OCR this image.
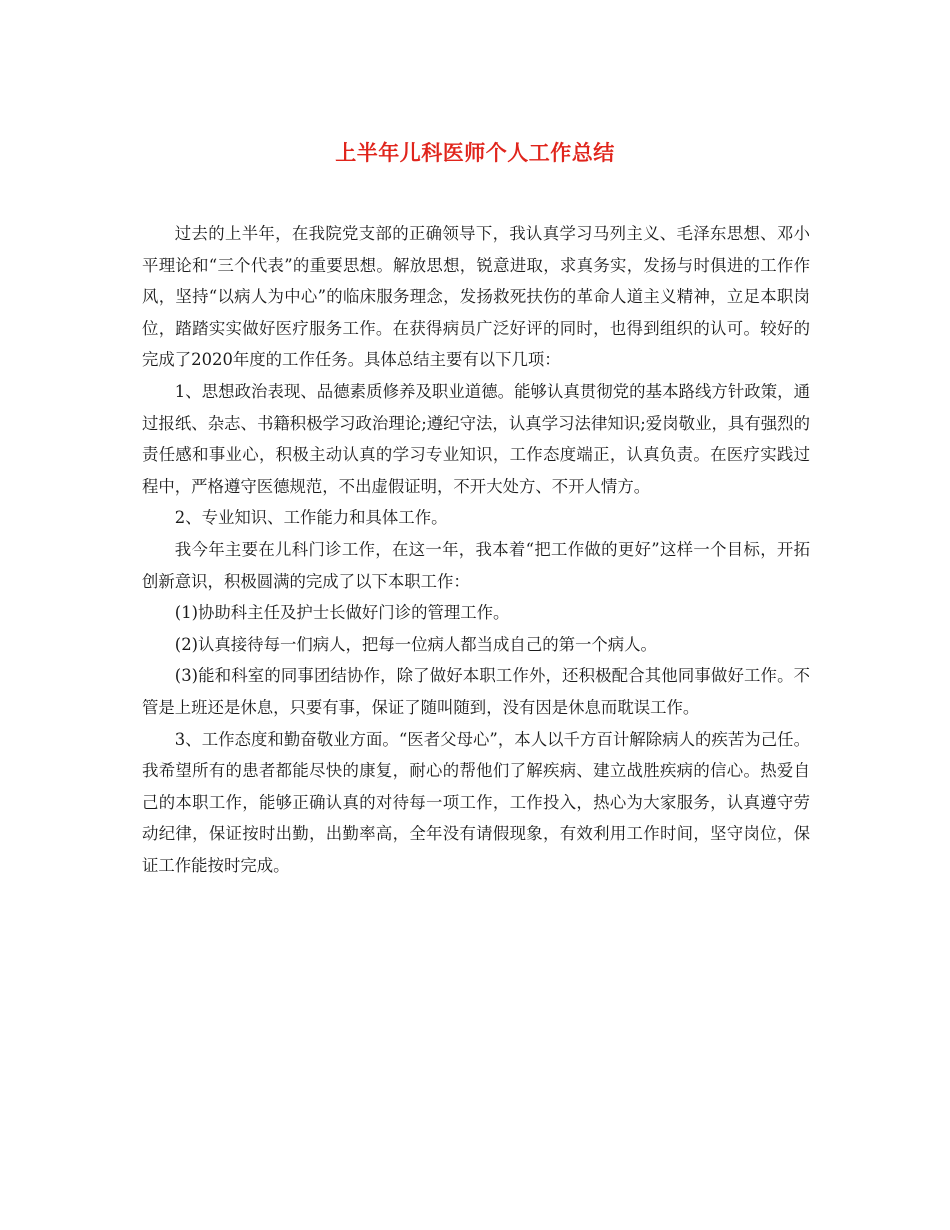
上半年儿科医师个人工作总结

过去的上半年，在我院党支部的正确领导下，我认真学习马列主义、毛泽东思想、邓小平理论和“三个代表”的重要思想。解放思想，锐意进取，求真务实，发扬与时俱进的工作作风，坚持“以病人为中心”的临床服务理念，发扬救死扶伤的革命人道主义精神，立足本职岗位，踏踏实实做好医疗服务工作。在获得病员广泛好评的同时，也得到组织的认可。较好的完成了2020年度的工作任务。具体总结主要有以下几项：

1、思想政治表现、品德素质修养及职业道德。能够认真贯彻党的基本路线方针政策，通过报纸、杂志、书籍积极学习政治理论;遵纪守法，认真学习法律知识;爱岗敬业，具有强烈的责任感和事业心，积极主动认真的学习专业知识，工作态度端正，认真负责。在医疗实践过程中，严格遵守医德规范，不出虚假证明，不开大处方、不开人情方。

2、专业知识、工作能力和具体工作。

我今年主要在儿科门诊工作，在这一年，我本着“把工作做的更好”这样一个目标，开拓创新意识，积极圆满的完成了以下本职工作：

(1)协助科主任及护士长做好门诊的管理工作。

(2)认真接待每一们病人，把每一位病人都当成自己的第一个病人。

(3)能和科室的同事团结协作，除了做好本职工作外，还积极配合其他同事做好工作。不管是上班还是休息，只要有事，保证了随叫随到，没有因是休息而耽误工作。

3、工作态度和勤奋敬业方面。“医者父母心”，本人以千方百计解除病人的疾苦为己任。我希望所有的患者都能尽快的康复，耐心的帮他们了解疾病、建立战胜疾病的信心。热爱自己的本职工作，能够正确认真的对待每一项工作，工作投入，热心为大家服务，认真遵守劳动纪律，保证按时出勤，出勤率高，全年没有请假现象，有效利用工作时间，坚守岗位，保证工作能按时完成。
